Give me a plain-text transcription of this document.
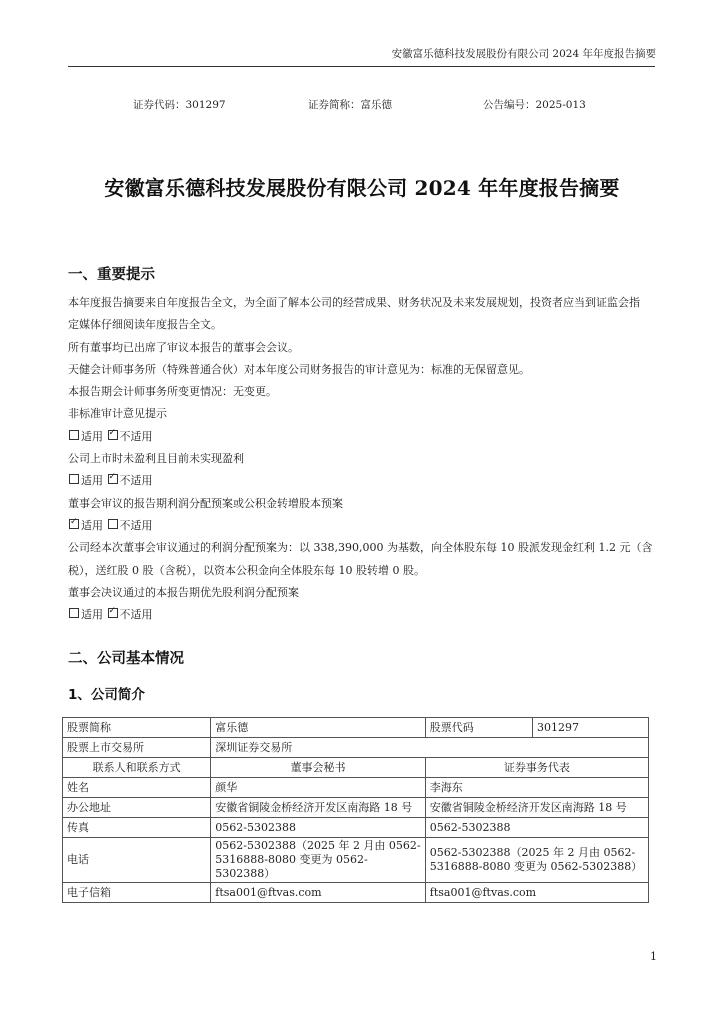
安徽富乐德科技发展股份有限公司 2024 年年度报告摘要
证券代码：301297	证券简称：富乐德	公告编号：2025-013
安徽富乐德科技发展股份有限公司 2024 年年度报告摘要
一、重要提示
本年度报告摘要来自年度报告全文，为全面了解本公司的经营成果、财务状况及未来发展规划，投资者应当到证监会指
定媒体仔细阅读年度报告全文。
所有董事均已出席了审议本报告的董事会会议。
天健会计师事务所（特殊普通合伙）对本年度公司财务报告的审计意见为：标准的无保留意见。
本报告期会计师事务所变更情况：无变更。
非标准审计意见提示
适用 ✓ 不适用
公司上市时未盈利且目前未实现盈利
适用 ✓ 不适用
董事会审议的报告期利润分配预案或公积金转增股本预案
✓适用 不适用
公司经本次董事会审议通过的利润分配预案为：以 338,390,000 为基数，向全体股东每 10 股派发现金红利 1.2 元（含
税），送红股 0 股（含税），以资本公积金向全体股东每 10 股转增 0 股。
董事会决议通过的本报告期优先股利润分配预案
适用 ✓ 不适用
二、公司基本情况
1、公司简介
股票简称	富乐德	股票代码	301297
股票上市交易所	深圳证券交易所		
联系人和联系方式	董事会秘书	证券事务代表	
姓名	颜华	李海东	
办公地址	安徽省铜陵金桥经济开发区南海路 18 号	安徽省铜陵金桥经济开发区南海路 18 号	
传真	0562-5302388	0562-5302388	
电话	0562-5302388（2025 年 2 月由 0562-5316888-8080 变更为 0562-5302388）	0562-5302388（2025 年 2 月由 0562-5316888-8080 变更为 0562-5302388）	
电子信箱	ftsa001@ftvas.com	ftsa001@ftvas.com	
1
